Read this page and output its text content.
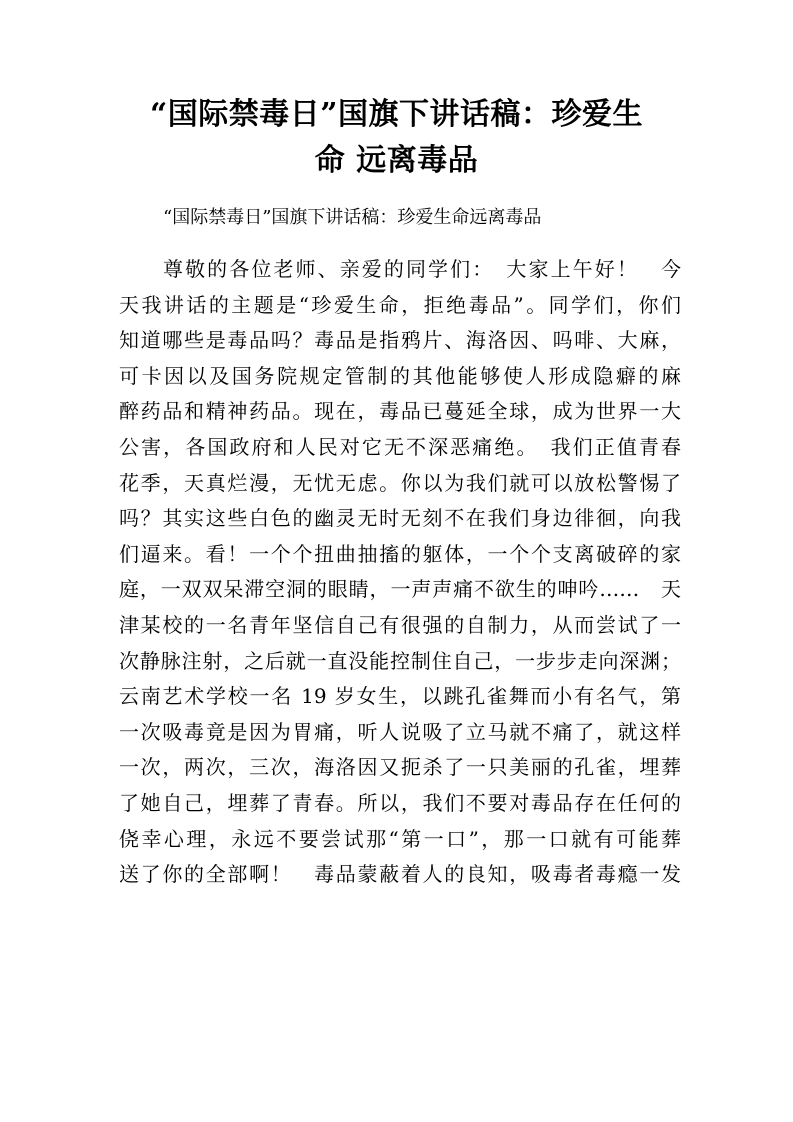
“国际禁毒日”国旗下讲话稿：珍爱生
命 远离毒品

“国际禁毒日”国旗下讲话稿：珍爱生命远离毒品

尊敬的各位老师、亲爱的同学们：　大家上午好！　今
天我讲话的主题是“珍爱生命，拒绝毒品”。同学们，你们
知道哪些是毒品吗？毒品是指鸦片、海洛因、吗啡、大麻，
可卡因以及国务院规定管制的其他能够使人形成隐癖的麻
醉药品和精神药品。现在，毒品已蔓延全球，成为世界一大
公害，各国政府和人民对它无不深恶痛绝。　我们正值青春
花季，天真烂漫，无忧无虑。你以为我们就可以放松警惕了
吗？其实这些白色的幽灵无时无刻不在我们身边徘徊，向我
们逼来。看！一个个扭曲抽搐的躯体，一个个支离破碎的家
庭，一双双呆滞空洞的眼睛，一声声痛不欲生的呻吟……　天
津某校的一名青年坚信自己有很强的自制力，从而尝试了一
次静脉注射，之后就一直没能控制住自己，一步步走向深渊；
云南艺术学校一名 19 岁女生，以跳孔雀舞而小有名气，第
一次吸毒竟是因为胃痛，听人说吸了立马就不痛了，就这样
一次，两次，三次，海洛因又扼杀了一只美丽的孔雀，埋葬
了她自己，埋葬了青春。所以，我们不要对毒品存在任何的
侥幸心理，永远不要尝试那“第一口”，那一口就有可能葬
送了你的全部啊！　毒品蒙蔽着人的良知，吸毒者毒瘾一发
